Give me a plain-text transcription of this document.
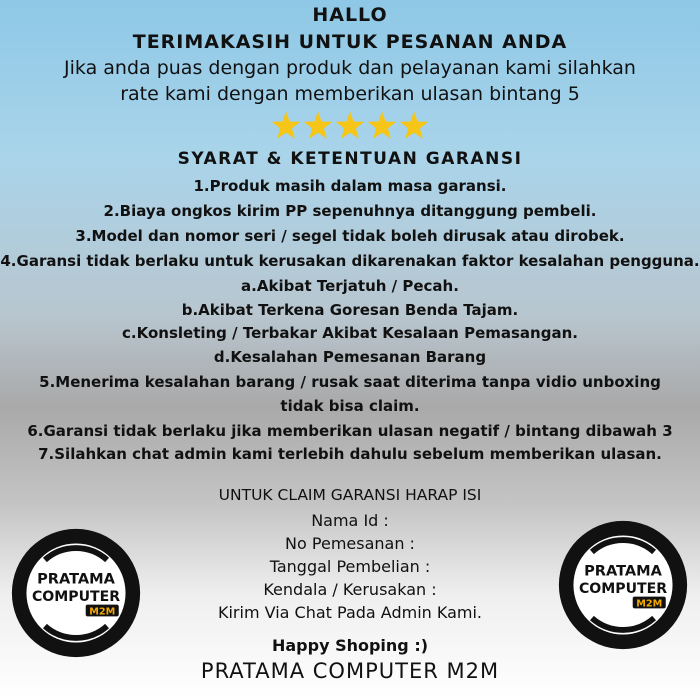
HALLO
TERIMAKASIH UNTUK PESANAN ANDA
Jika anda puas dengan produk dan pelayanan kami silahkan
rate kami dengan memberikan ulasan bintang 5
SYARAT & KETENTUAN GARANSI
1.Produk masih dalam masa garansi.
2.Biaya ongkos kirim PP sepenuhnya ditanggung pembeli.
3.Model dan nomor seri / segel tidak boleh dirusak atau dirobek.
4.Garansi tidak berlaku untuk kerusakan dikarenakan faktor kesalahan pengguna.
a.Akibat Terjatuh / Pecah.
b.Akibat Terkena Goresan Benda Tajam.
c.Konsleting / Terbakar Akibat Kesalaan Pemasangan.
d.Kesalahan Pemesanan Barang
5.Menerima kesalahan barang / rusak saat diterima tanpa vidio unboxing
tidak bisa claim.
6.Garansi tidak berlaku jika memberikan ulasan negatif / bintang dibawah 3
7.Silahkan chat admin kami terlebih dahulu sebelum memberikan ulasan.
UNTUK CLAIM GARANSI HARAP ISI
Nama Id :
No Pemesanan :
Tanggal Pembelian :
Kendala / Kerusakan :
Kirim Via Chat Pada Admin Kami.
Happy Shoping :)
PRATAMA COMPUTER M2M
PRATAMA
COMPUTER
M2M
PRATAMA
COMPUTER
M2M
